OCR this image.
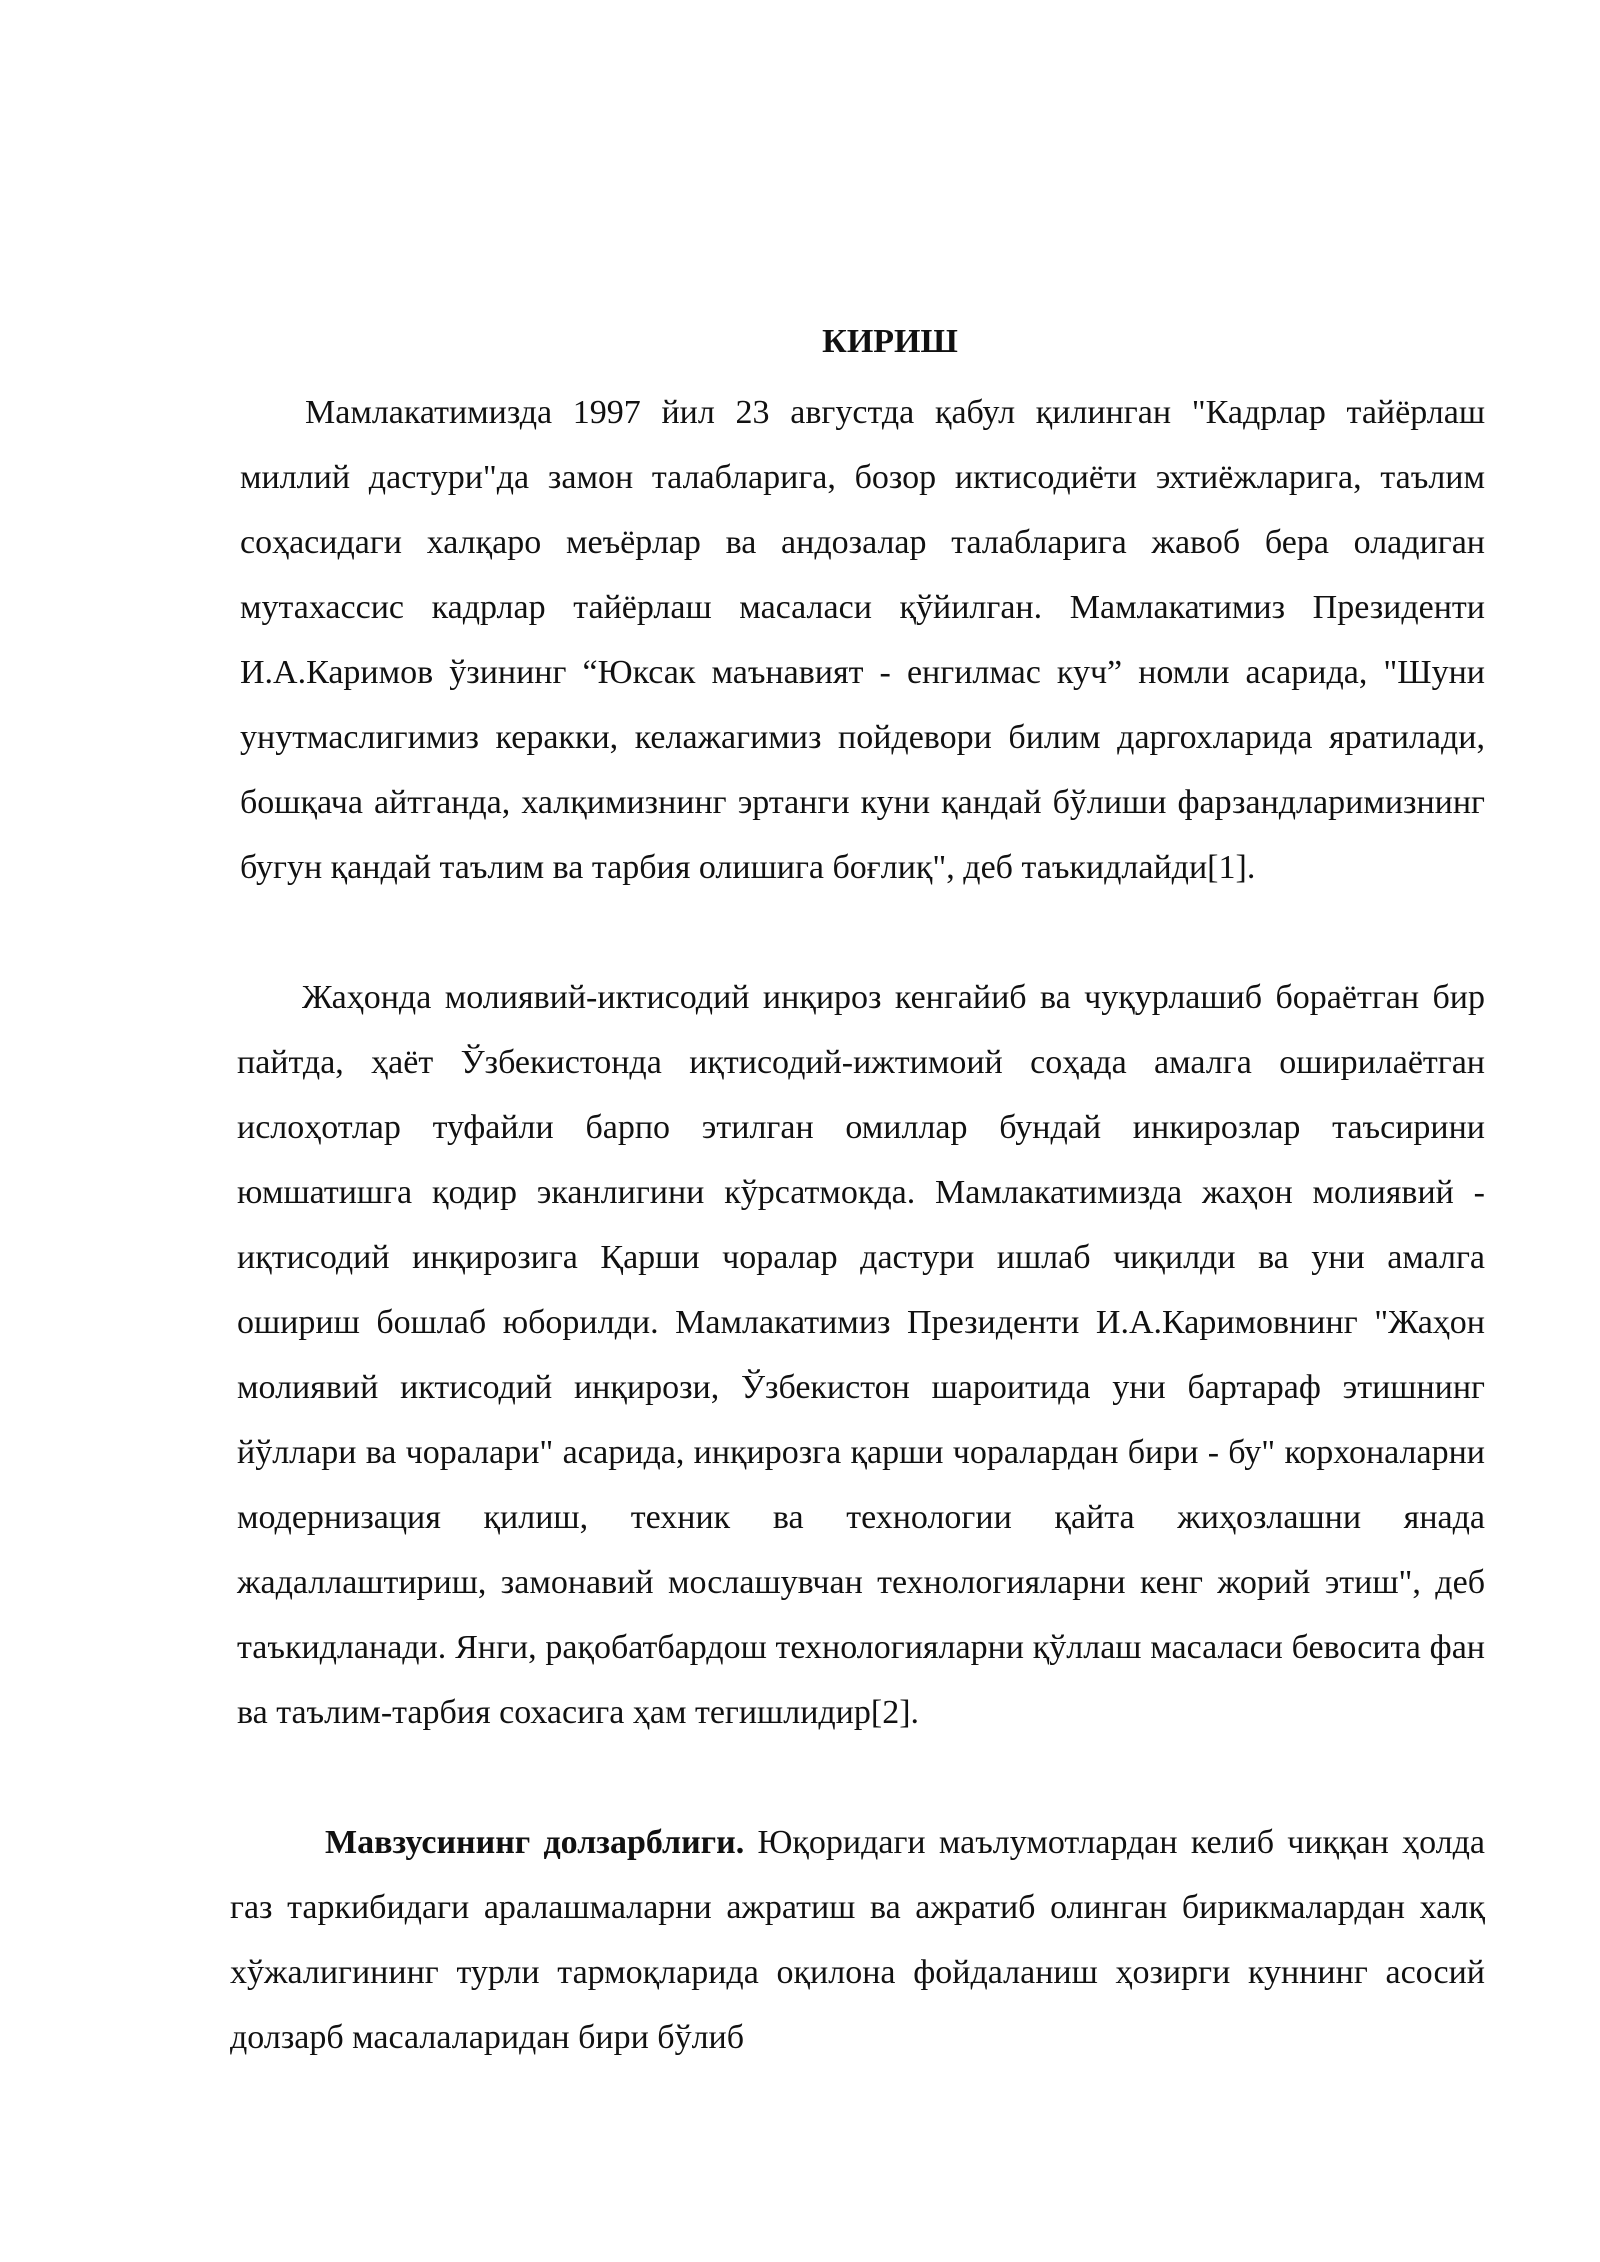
КИРИШ

Мамлакатимизда 1997 йил 23 августда қабул қилинган "Кадрлар тайёрлаш миллий дастури"да замон талабларига, бозор иктисодиёти эхтиёжларига, таълим соҳасидаги халқаро меъёрлар ва андозалар талабларига жавоб бера оладиган мутахассис кадрлар тайёрлаш масаласи қўйилган. Мамлакатимиз Президенти И.А.Каримов ўзининг “Юксак маънавият - енгилмас куч” номли асарида, "Шуни унутмаслигимиз керакки, келажагимиз пойдевори билим даргохларида яратилади, бошқача айтганда, халқимизнинг эртанги куни қандай бўлиши фарзандларимизнинг бугун қандай таълим ва тарбия олишига боғлиқ", деб таъкидлайди[1].

Жаҳонда молиявий-иктисодий инқироз кенгайиб ва чуқурлашиб бораётган бир пайтда, ҳаёт Ўзбекистонда иқтисодий-ижтимоий соҳада амалга оширилаётган ислоҳотлар туфайли барпо этилган омиллар бундай инкирозлар таъсирини юмшатишга қодир эканлигини кўрсатмокда. Мамлакатимизда жаҳон молиявий - иқтисодий инқирозига Қарши чоралар дастури ишлаб чиқилди ва уни амалга ошириш бошлаб юборилди. Мамлакатимиз Президенти И.А.Каримовнинг "Жаҳон молиявий иктисодий инқирози, Ўзбекистон шароитида уни бартараф этишнинг йўллари ва чоралари" асарида, инқирозга қарши чоралардан бири - бу" корхоналарни модернизация қилиш, техник ва технологии қайта жиҳозлашни янада жадаллаштириш, замонавий мослашувчан технологияларни кенг жорий этиш", деб таъкидланади. Янги, рақобатбардош технологияларни қўллаш масаласи бевосита фан ва таълим-тарбия сохасига ҳам тегишлидир[2].

Мавзусининг долзарблиги. Юқоридаги маълумотлардан келиб чиққан ҳолда газ таркибидаги аралашмаларни ажратиш ва ажратиб олинган бирикмалардан халқ хўжалигининг турли тармоқларида оқилона фойдаланиш ҳозирги куннинг асосий долзарб масалаларидан бири бўлиб
